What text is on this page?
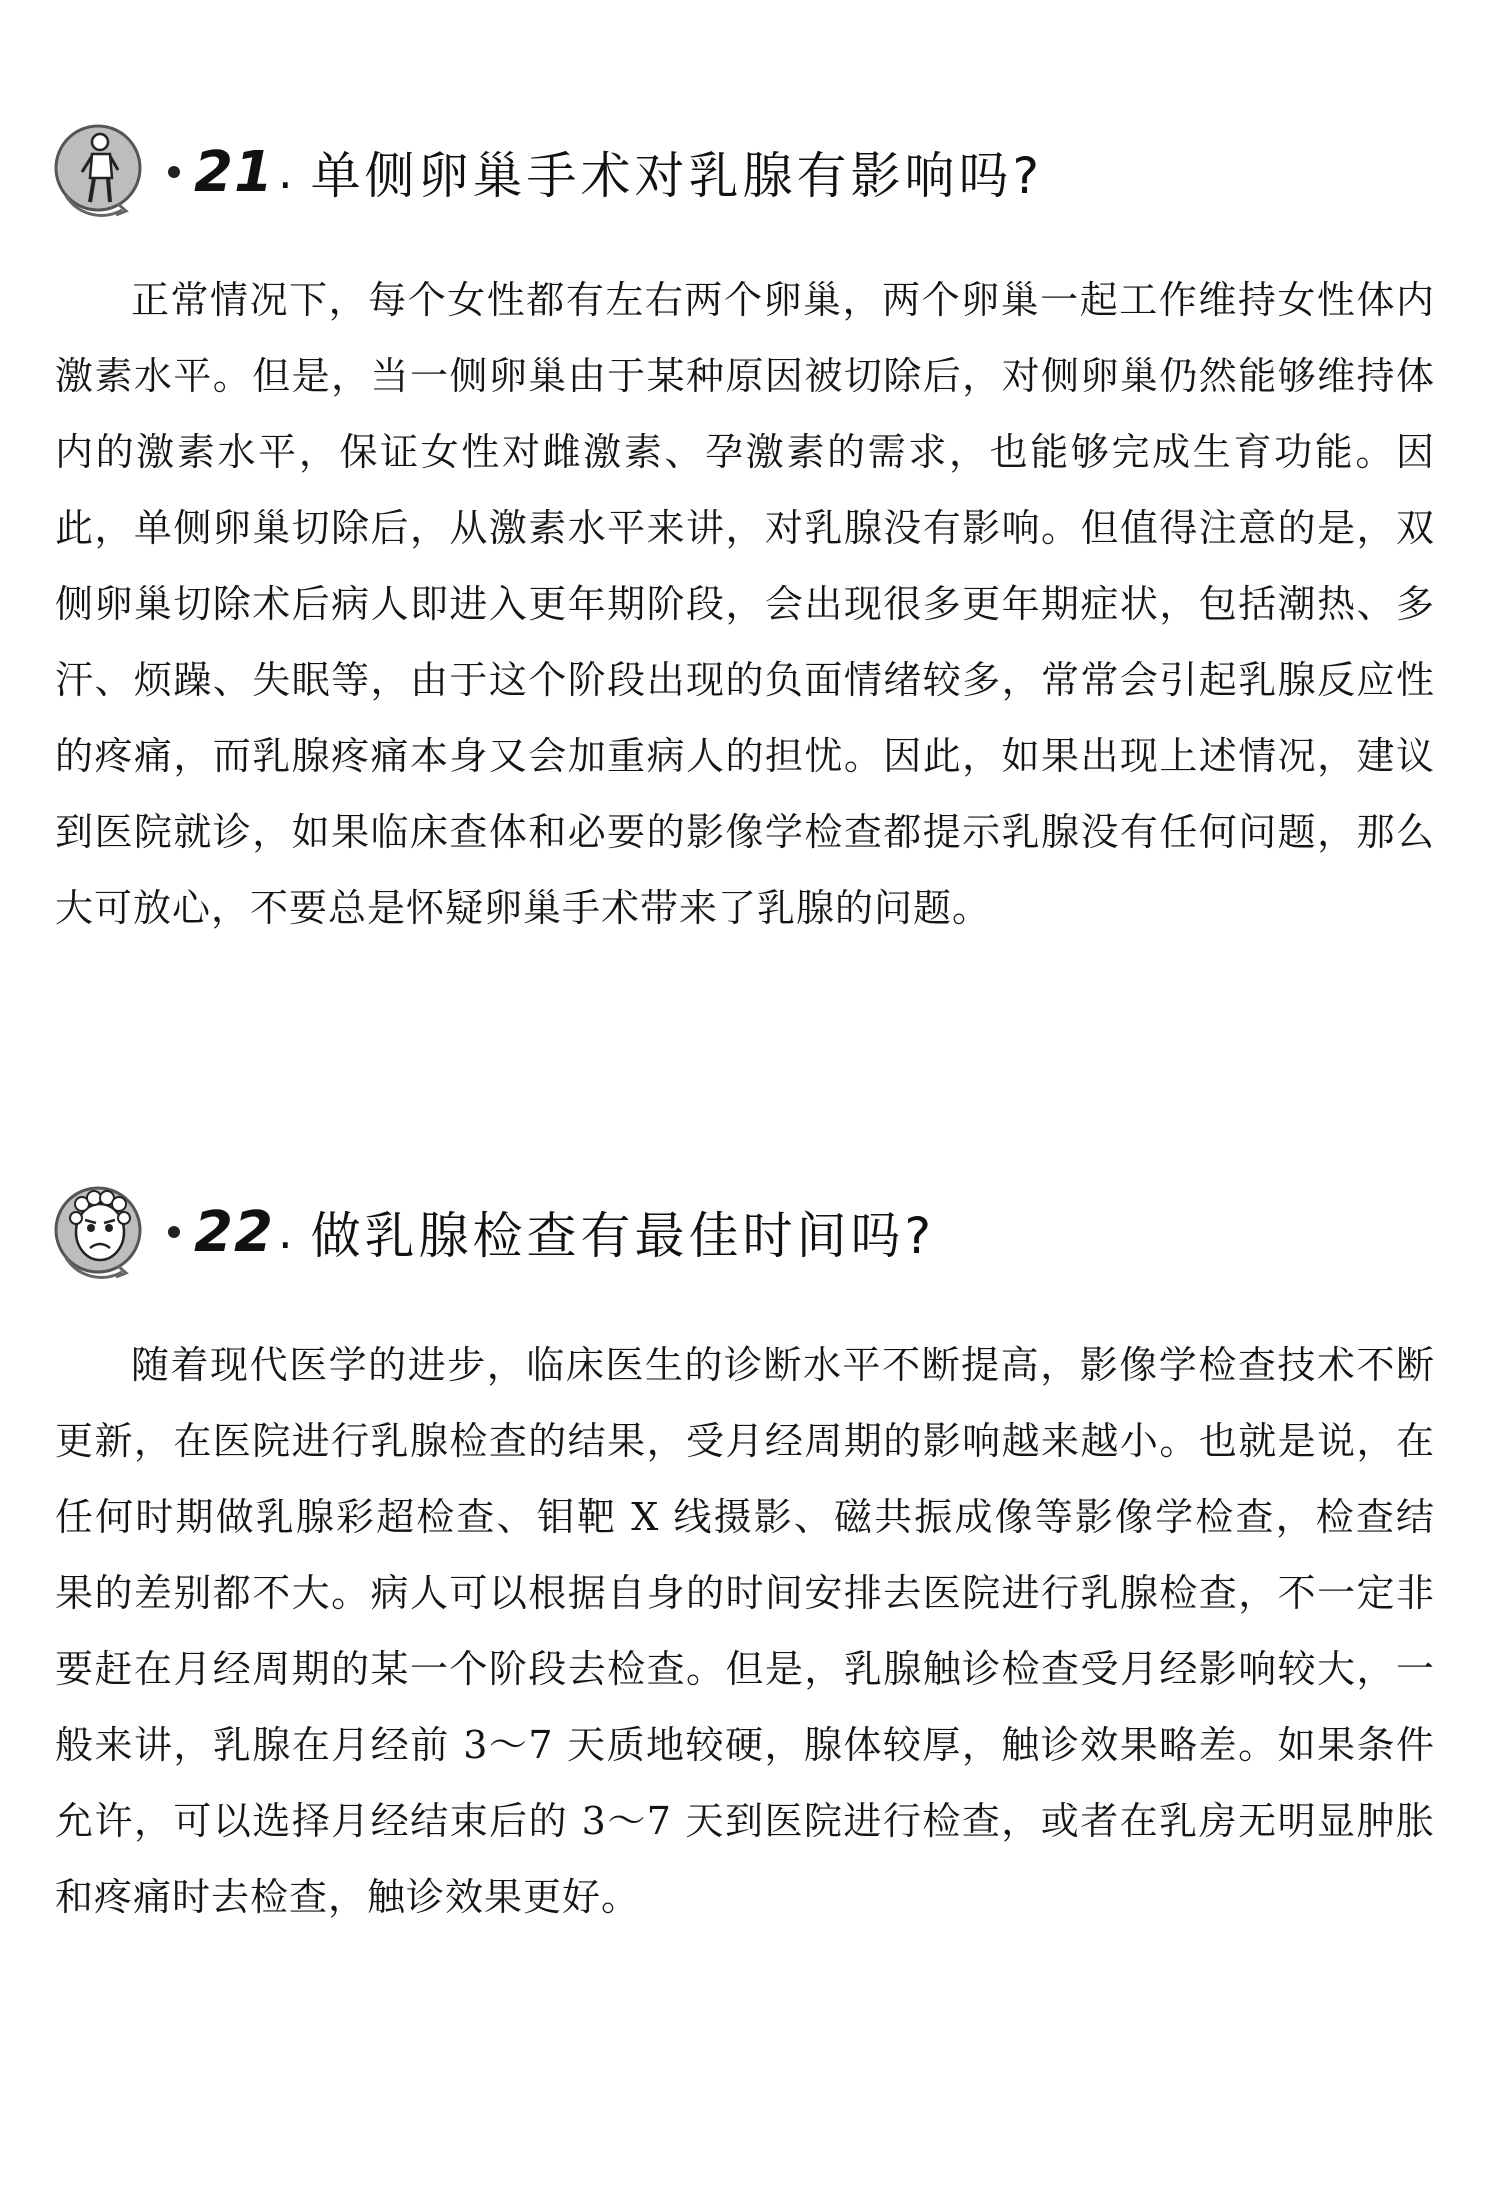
21 . 单侧卵巢手术对乳腺有影响吗?

正常情况下，每个女性都有左右两个卵巢，两个卵巢一起工作维持女性体内激素水平。但是，当一侧卵巢由于某种原因被切除后，对侧卵巢仍然能够维持体内的激素水平，保证女性对雌激素、孕激素的需求，也能够完成生育功能。因此，单侧卵巢切除后，从激素水平来讲，对乳腺没有影响。但值得注意的是，双侧卵巢切除术后病人即进入更年期阶段，会出现很多更年期症状，包括潮热、多汗、烦躁、失眠等，由于这个阶段出现的负面情绪较多，常常会引起乳腺反应性的疼痛，而乳腺疼痛本身又会加重病人的担忧。因此，如果出现上述情况，建议到医院就诊，如果临床查体和必要的影像学检查都提示乳腺没有任何问题，那么大可放心，不要总是怀疑卵巢手术带来了乳腺的问题。

22 . 做乳腺检查有最佳时间吗?

随着现代医学的进步，临床医生的诊断水平不断提高，影像学检查技术不断更新，在医院进行乳腺检查的结果，受月经周期的影响越来越小。也就是说，在任何时期做乳腺彩超检查、钼靶 X 线摄影、磁共振成像等影像学检查，检查结果的差别都不大。病人可以根据自身的时间安排去医院进行乳腺检查，不一定非要赶在月经周期的某一个阶段去检查。但是，乳腺触诊检查受月经影响较大，一般来讲，乳腺在月经前 3～7 天质地较硬，腺体较厚，触诊效果略差。如果条件允许，可以选择月经结束后的 3～7 天到医院进行检查，或者在乳房无明显肿胀和疼痛时去检查，触诊效果更好。
